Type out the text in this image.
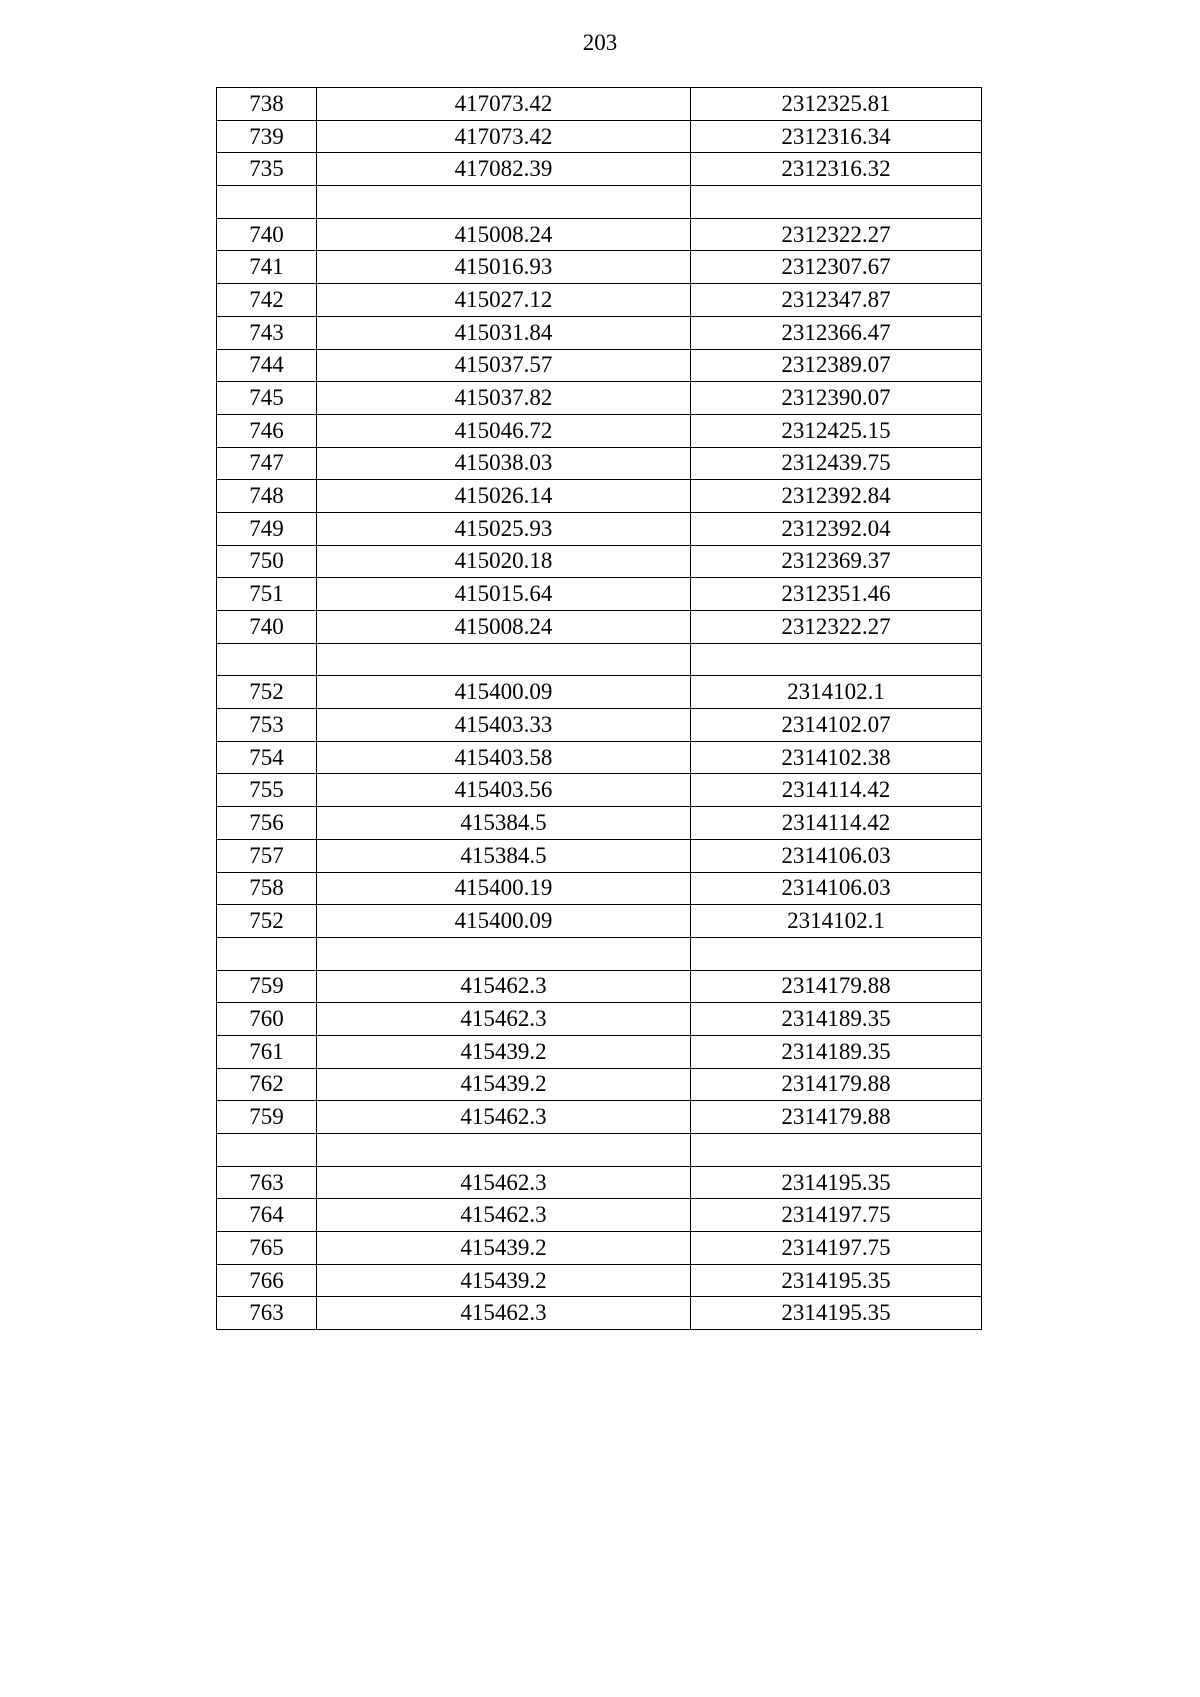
203
738	417073.42	2312325.81
739	417073.42	2312316.34
735	417082.39	2312316.32

740	415008.24	2312322.27
741	415016.93	2312307.67
742	415027.12	2312347.87
743	415031.84	2312366.47
744	415037.57	2312389.07
745	415037.82	2312390.07
746	415046.72	2312425.15
747	415038.03	2312439.75
748	415026.14	2312392.84
749	415025.93	2312392.04
750	415020.18	2312369.37
751	415015.64	2312351.46
740	415008.24	2312322.27

752	415400.09	2314102.1
753	415403.33	2314102.07
754	415403.58	2314102.38
755	415403.56	2314114.42
756	415384.5	2314114.42
757	415384.5	2314106.03
758	415400.19	2314106.03
752	415400.09	2314102.1

759	415462.3	2314179.88
760	415462.3	2314189.35
761	415439.2	2314189.35
762	415439.2	2314179.88
759	415462.3	2314179.88

763	415462.3	2314195.35
764	415462.3	2314197.75
765	415439.2	2314197.75
766	415439.2	2314195.35
763	415462.3	2314195.35
